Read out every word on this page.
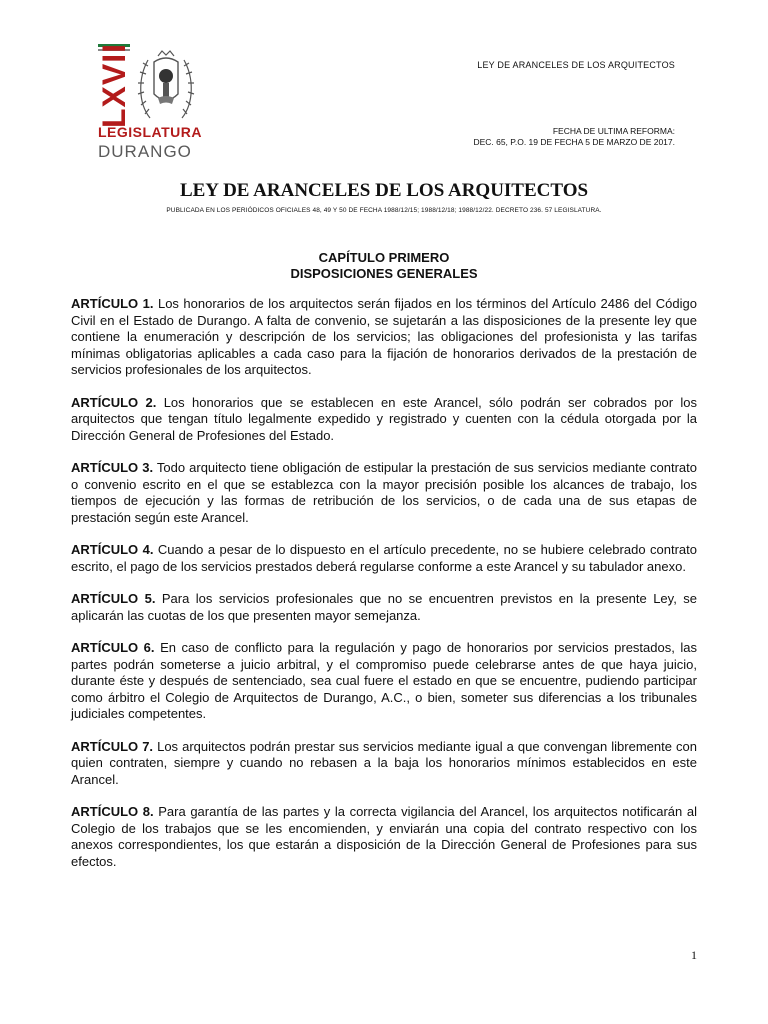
LXVII
LEGISLATURA
DURANGO
LEY DE ARANCELES DE LOS ARQUITECTOS
FECHA DE ULTIMA REFORMA:
DEC. 65, P.O. 19 DE FECHA 5 DE MARZO DE 2017.
LEY DE ARANCELES DE LOS ARQUITECTOS
PUBLICADA EN LOS PERIÓDICOS OFICIALES 48, 49 Y 50 DE FECHA 1988/12/15; 1988/12/18; 1988/12/22. DECRETO 236. 57 LEGISLATURA.
CAPÍTULO PRIMERO
DISPOSICIONES GENERALES

ARTÍCULO 1. Los honorarios de los arquitectos serán fijados en los términos del Artículo 2486 del Código Civil en el Estado de Durango. A falta de convenio, se sujetarán a las disposiciones de la presente ley que contiene la enumeración y descripción de los servicios; las obligaciones del profesionista y las tarifas mínimas obligatorias aplicables a cada caso para la fijación de honorarios derivados de la prestación de servicios profesionales de los arquitectos.

ARTÍCULO 2. Los honorarios que se establecen en este Arancel, sólo podrán ser cobrados por los arquitectos que tengan título legalmente expedido y registrado y cuenten con la cédula otorgada por la Dirección General de Profesiones del Estado.

ARTÍCULO 3. Todo arquitecto tiene obligación de estipular la prestación de sus servicios mediante contrato o convenio escrito en el que se establezca con la mayor precisión posible los alcances de trabajo, los tiempos de ejecución y las formas de retribución de los servicios, o de cada una de sus etapas de prestación según este Arancel.

ARTÍCULO 4. Cuando a pesar de lo dispuesto en el artículo precedente, no se hubiere celebrado contrato escrito, el pago de los servicios prestados deberá regularse conforme a este Arancel y su tabulador anexo.

ARTÍCULO 5. Para los servicios profesionales que no se encuentren previstos en la presente Ley, se aplicarán las cuotas de los que presenten mayor semejanza.

ARTÍCULO 6. En caso de conflicto para la regulación y pago de honorarios por servicios prestados, las partes podrán someterse a juicio arbitral, y el compromiso puede celebrarse antes de que haya juicio, durante éste y después de sentenciado, sea cual fuere el estado en que se encuentre, pudiendo participar como árbitro el Colegio de Arquitectos de Durango, A.C., o bien, someter sus diferencias a los tribunales judiciales competentes.

ARTÍCULO 7. Los arquitectos podrán prestar sus servicios mediante igual a que convengan libremente con quien contraten, siempre y cuando no rebasen a la baja los honorarios mínimos establecidos en este Arancel.

ARTÍCULO 8. Para garantía de las partes y la correcta vigilancia del Arancel, los arquitectos notificarán al Colegio de los trabajos que se les encomienden, y enviarán una copia del contrato respectivo con los anexos correspondientes, los que estarán a disposición de la Dirección General de Profesiones para sus efectos.

1
